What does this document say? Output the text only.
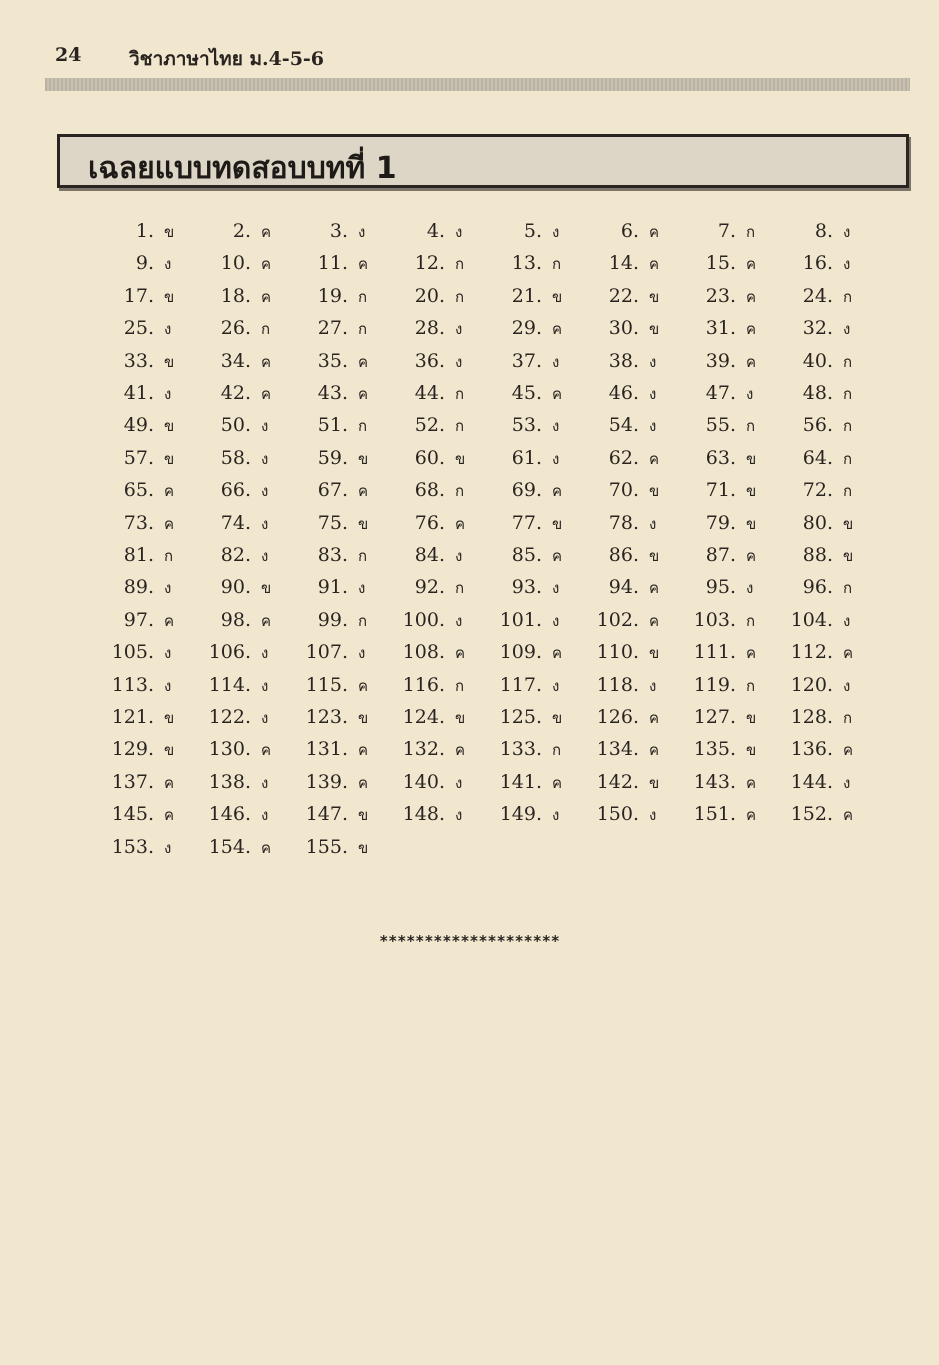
24	วิชาภาษาไทย ม.4-5-6
เฉลยแบบทดสอบบทที่ 1
1. ข	2. ค	3. ง	4. ง	5. ง	6. ค	7. ก	8. ง
9. ง	10. ค	11. ค	12. ก	13. ก	14. ค	15. ค	16. ง
17. ข	18. ค	19. ก	20. ก	21. ข	22. ข	23. ค	24. ก
25. ง	26. ก	27. ก	28. ง	29. ค	30. ข	31. ค	32. ง
33. ข	34. ค	35. ค	36. ง	37. ง	38. ง	39. ค	40. ก
41. ง	42. ค	43. ค	44. ก	45. ค	46. ง	47. ง	48. ก
49. ข	50. ง	51. ก	52. ก	53. ง	54. ง	55. ก	56. ก
57. ข	58. ง	59. ข	60. ข	61. ง	62. ค	63. ข	64. ก
65. ค	66. ง	67. ค	68. ก	69. ค	70. ข	71. ข	72. ก
73. ค	74. ง	75. ข	76. ค	77. ข	78. ง	79. ข	80. ข
81. ก	82. ง	83. ก	84. ง	85. ค	86. ข	87. ค	88. ข
89. ง	90. ข	91. ง	92. ก	93. ง	94. ค	95. ง	96. ก
97. ค	98. ค	99. ก	100. ง	101. ง	102. ค	103. ก	104. ง
105. ง	106. ง	107. ง	108. ค	109. ค	110. ข	111. ค	112. ค
113. ง	114. ง	115. ค	116. ก	117. ง	118. ง	119. ก	120. ง
121. ข	122. ง	123. ข	124. ข	125. ข	126. ค	127. ข	128. ก
129. ข	130. ค	131. ค	132. ค	133. ก	134. ค	135. ข	136. ค
137. ค	138. ง	139. ค	140. ง	141. ค	142. ข	143. ค	144. ง
145. ค	146. ง	147. ข	148. ง	149. ง	150. ง	151. ค	152. ค
153. ง	154. ค	155. ข
********************
